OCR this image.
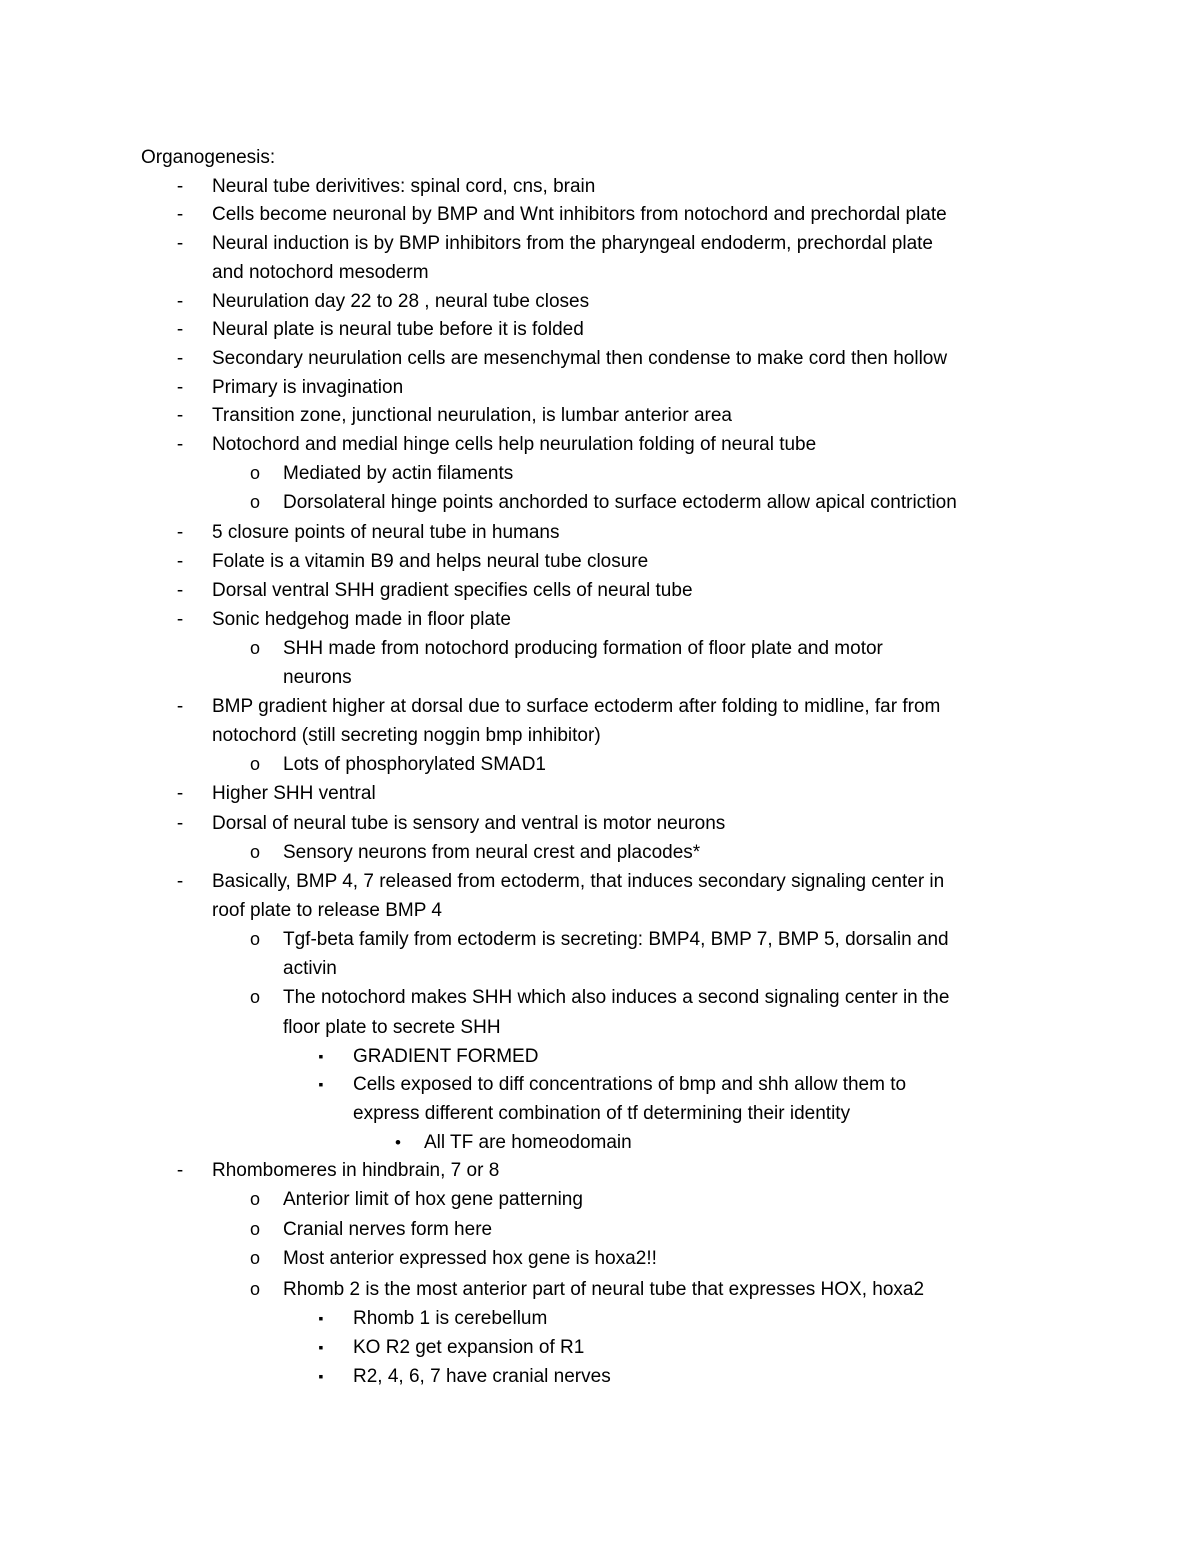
Organogenesis:
-	Neural tube derivitives: spinal cord, cns, brain
-	Cells become neuronal by BMP and Wnt inhibitors from notochord and prechordal plate
-	Neural induction is by BMP inhibitors from the pharyngeal endoderm, prechordal plate
and notochord mesoderm
-	Neurulation day 22 to 28 , neural tube closes
-	Neural plate is neural tube before it is folded
-	Secondary neurulation cells are mesenchymal then condense to make cord then hollow
-	Primary is invagination
-	Transition zone, junctional neurulation, is lumbar anterior area
-	Notochord and medial hinge cells help neurulation folding of neural tube
o	Mediated by actin filaments
o	Dorsolateral hinge points anchorded to surface ectoderm allow apical contriction
-	5 closure points of neural tube in humans
-	Folate is a vitamin B9 and helps neural tube closure
-	Dorsal ventral SHH gradient specifies cells of neural tube
-	Sonic hedgehog made in floor plate
o	SHH made from notochord producing formation of floor plate and motor
neurons
-	BMP gradient higher at dorsal due to surface ectoderm after folding to midline, far from
notochord (still secreting noggin bmp inhibitor)
o	Lots of phosphorylated SMAD1
-	Higher SHH ventral
-	Dorsal of neural tube is sensory and ventral is motor neurons
o	Sensory neurons from neural crest and placodes*
-	Basically, BMP 4, 7 released from ectoderm, that induces secondary signaling center in
roof plate to release BMP 4
o	Tgf-beta family from ectoderm is secreting: BMP4, BMP 7, BMP 5, dorsalin and
activin
o	The notochord makes SHH which also induces a second signaling center in the
floor plate to secrete SHH
▪	GRADIENT FORMED
▪	Cells exposed to diff concentrations of bmp and shh allow them to
express different combination of tf determining their identity
•	All TF are homeodomain
-	Rhombomeres in hindbrain, 7 or 8
o	Anterior limit of hox gene patterning
o	Cranial nerves form here
o	Most anterior expressed hox gene is hoxa2!!
o	Rhomb 2 is the most anterior part of neural tube that expresses HOX, hoxa2
▪	Rhomb 1 is cerebellum
▪	KO R2 get expansion of R1
▪	R2, 4, 6, 7 have cranial nerves
